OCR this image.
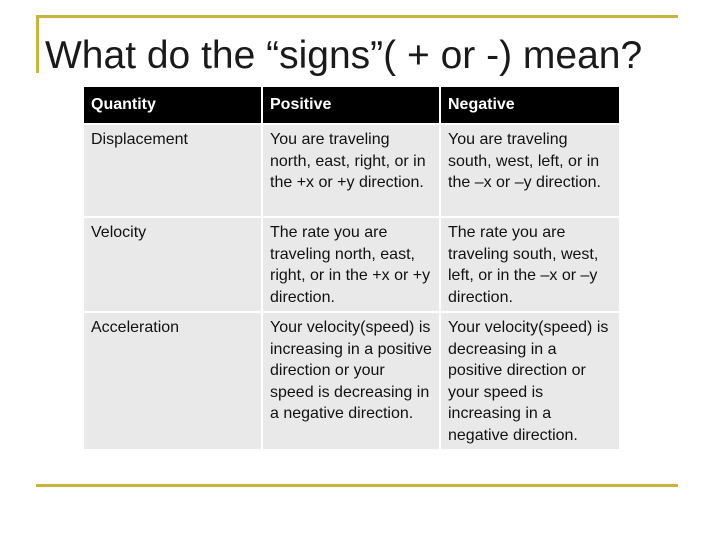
What do the “signs”( + or -) mean?
Quantity	Positive	Negative
Displacement	You are traveling north, east, right, or in the +x or +y direction.	You are traveling south, west, left, or in the –x or –y direction.
Velocity	The rate you are traveling north, east, right, or in the +x or +y direction.	The rate you are traveling south, west, left, or in the –x or –y direction.
Acceleration	Your velocity(speed) is increasing in a positive direction or your speed is decreasing in a negative direction.	Your velocity(speed) is decreasing in a positive direction or your speed is increasing in a negative direction.
